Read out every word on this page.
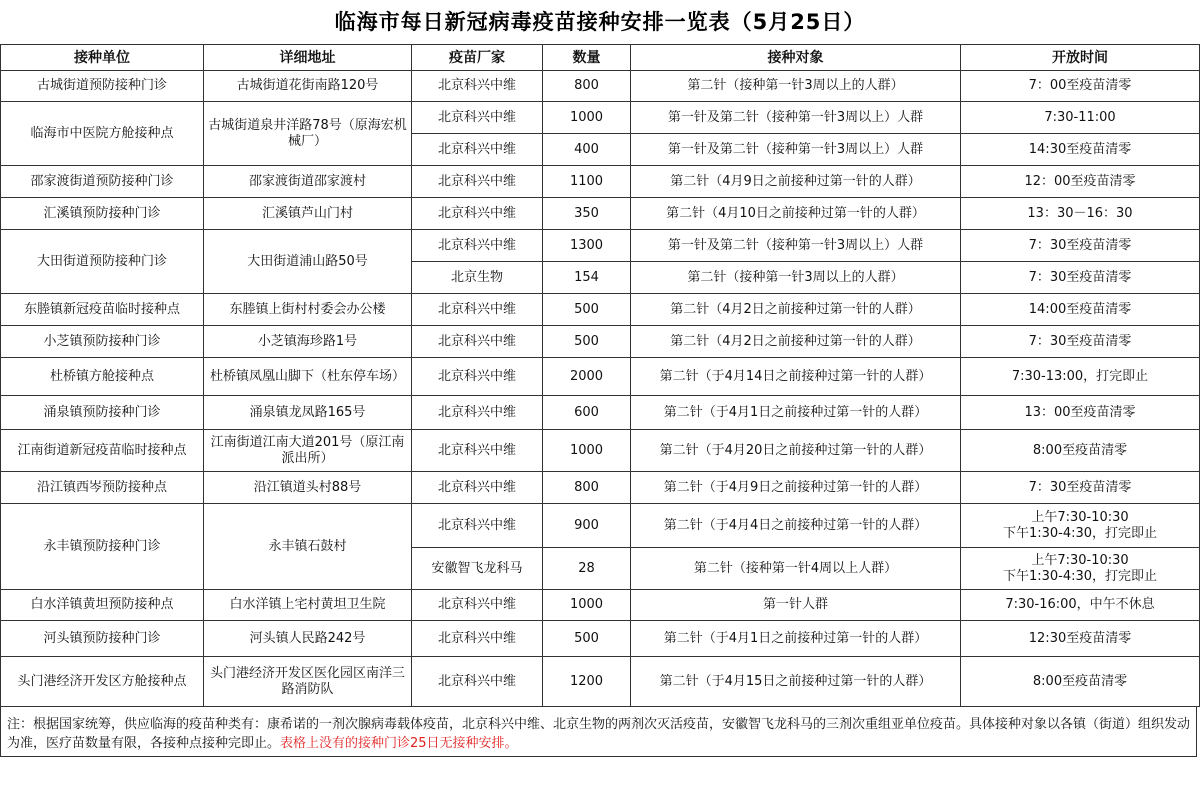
临海市每日新冠病毒疫苗接种安排一览表（5月25日）
接种单位	详细地址	疫苗厂家	数量	接种对象	开放时间
古城街道预防接种门诊	古城街道花街南路120号	北京科兴中维	800	第二针（接种第一针3周以上的人群）	7：00至疫苗清零
临海市中医院方舱接种点	古城街道泉井洋路78号（原海宏机械厂）	北京科兴中维	1000	第一针及第二针（接种第一针3周以上）人群	7:30-11:00
		北京科兴中维	400	第一针及第二针（接种第一针3周以上）人群	14:30至疫苗清零
邵家渡街道预防接种门诊	邵家渡街道邵家渡村	北京科兴中维	1100	第二针（4月9日之前接种过第一针的人群）	12：00至疫苗清零
汇溪镇预防接种门诊	汇溪镇芦山门村	北京科兴中维	350	第二针（4月10日之前接种过第一针的人群）	13：30－16：30
大田街道预防接种门诊	大田街道浦山路50号	北京科兴中维	1300	第一针及第二针（接种第一针3周以上）人群	7：30至疫苗清零
		北京生物	154	第二针（接种第一针3周以上的人群）	7：30至疫苗清零
东塍镇新冠疫苗临时接种点	东塍镇上街村村委会办公楼	北京科兴中维	500	第二针（4月2日之前接种过第一针的人群）	14:00至疫苗清零
小芝镇预防接种门诊	小芝镇海珍路1号	北京科兴中维	500	第二针（4月2日之前接种过第一针的人群）	7：30至疫苗清零
杜桥镇方舱接种点	杜桥镇凤凰山脚下（杜东停车场）	北京科兴中维	2000	第二针（于4月14日之前接种过第一针的人群）	7:30-13:00，打完即止
涌泉镇预防接种门诊	涌泉镇龙凤路165号	北京科兴中维	600	第二针（于4月1日之前接种过第一针的人群）	13：00至疫苗清零
江南街道新冠疫苗临时接种点	江南街道江南大道201号（原江南派出所）	北京科兴中维	1000	第二针（于4月20日之前接种过第一针的人群）	8:00至疫苗清零
沿江镇西岑预防接种点	沿江镇道头村88号	北京科兴中维	800	第二针（于4月9日之前接种过第一针的人群）	7：30至疫苗清零
永丰镇预防接种门诊	永丰镇石鼓村	北京科兴中维	900	第二针（于4月4日之前接种过第一针的人群）	上午7:30-10:30
下午1:30-4:30，打完即止

		安徽智飞龙科马	28	第二针（接种第一针4周以上人群）	上午7:30-10:30
下午1:30-4:30，打完即止

白水洋镇黄坦预防接种点	白水洋镇上宅村黄坦卫生院	北京科兴中维	1000	第一针人群	7:30-16:00，中午不休息
河头镇预防接种门诊	河头镇人民路242号	北京科兴中维	500	第二针（于4月1日之前接种过第一针的人群）	12:30至疫苗清零
头门港经济开发区方舱接种点	头门港经济开发区医化园区南洋三路消防队	北京科兴中维	1200	第二针（于4月15日之前接种过第一针的人群）	8:00至疫苗清零
注：根据国家统筹，供应临海的疫苗种类有：康希诺的一剂次腺病毒载体疫苗，北京科兴中维、北京生物的两剂次灭活疫苗，安徽智飞龙科马的三剂次重组亚单位疫苗。具体接种对象以各镇（街道）组织发动为准，医疗苗数量有限，各接种点接种完即止。表格上没有的接种门诊25日无接种安排。
